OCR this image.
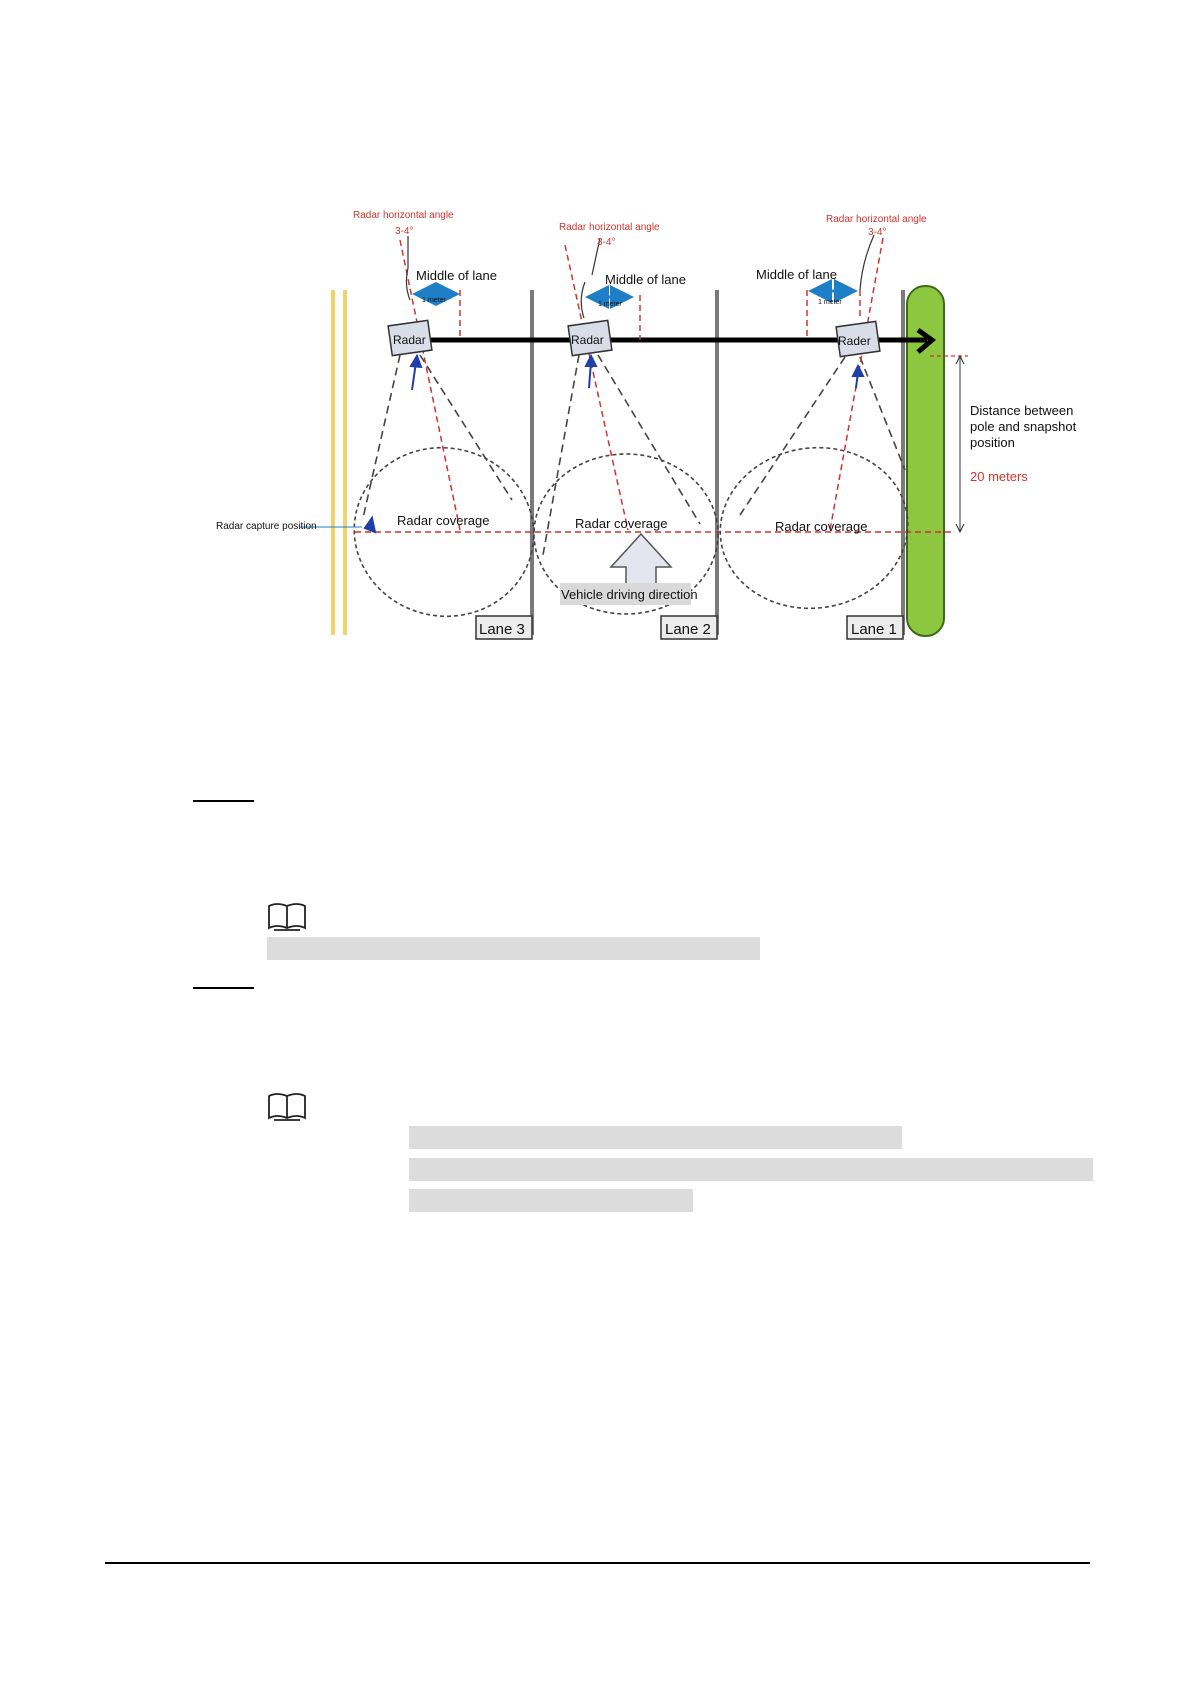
Radar horizontal angle
3-4°	Radar horizontal angle
3-4°
Radar horizontal angle
3-4°
Middle of lane	Middle of lane	Middle of lane
1 meter
1 meter	1 meter
Radar	Radar	Rader
Radar coverage	Radar coverage	Radar coverage
Radar capture position
Vehicle driving direction
Lane 3	Lane 2	Lane 1
Distance between
pole and snapshot
position
20 meters
